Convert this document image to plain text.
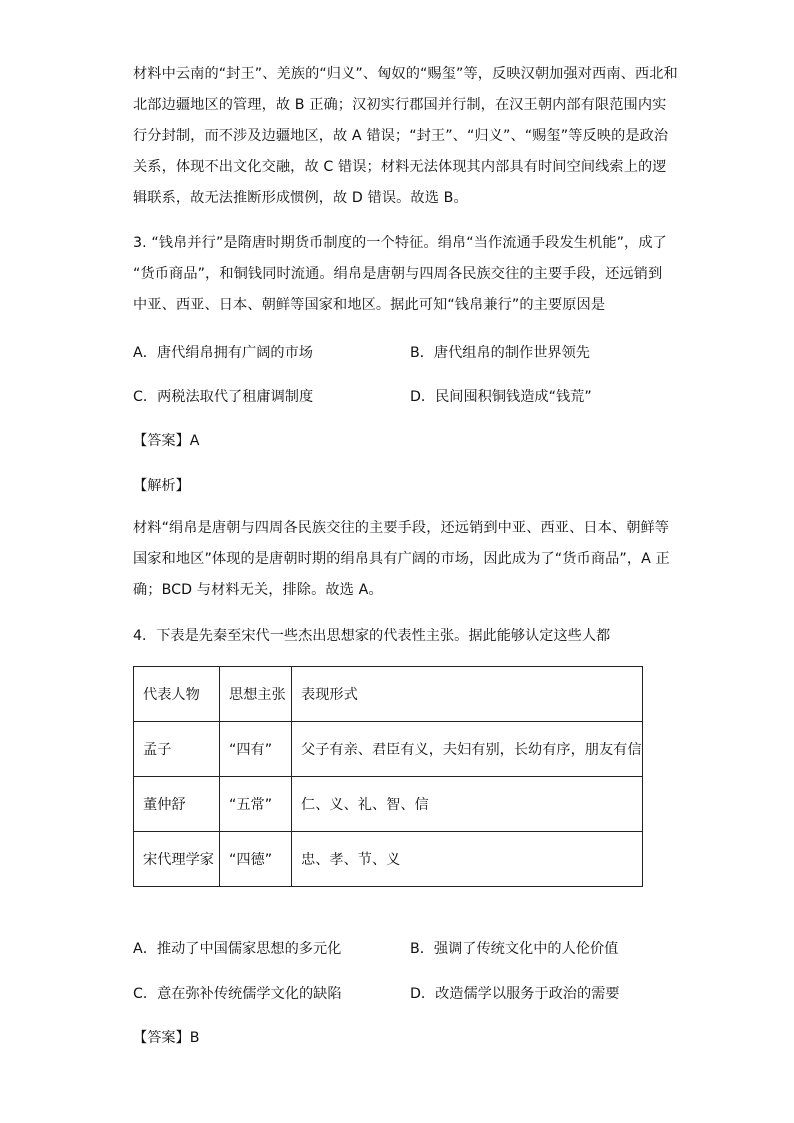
材料中云南的“封王”、羌族的“归义”、匈奴的“赐玺”等，反映汉朝加强对西南、西北和
北部边疆地区的管理，故 B 正确；汉初实行郡国并行制，在汉王朝内部有限范围内实
行分封制，而不涉及边疆地区，故 A 错误；“封王”、“归义”、“赐玺”等反映的是政治
关系，体现不出文化交融，故 C 错误；材料无法体现其内部具有时间空间线索上的逻
辑联系，故无法推断形成惯例，故 D 错误。故选 B。

3. “钱帛并行”是隋唐时期货币制度的一个特征。绢帛“当作流通手段发生机能”，成了
“货币商品”，和铜钱同时流通。绢帛是唐朝与四周各民族交往的主要手段，还远销到
中亚、西亚、日本、朝鲜等国家和地区。据此可知“钱帛兼行”的主要原因是

A．唐代绢帛拥有广阔的市场	B．唐代组帛的制作世界领先
C．两税法取代了租庸调制度	D．民间囤积铜钱造成“钱荒”
【答案】A
【解析】

材料“绢帛是唐朝与四周各民族交往的主要手段，还远销到中亚、西亚、日本、朝鲜等
国家和地区”体现的是唐朝时期的绢帛具有广阔的市场，因此成为了“货币商品”，A 正
确；BCD 与材料无关，排除。故选 A。

4．下表是先秦至宋代一些杰出思想家的代表性主张。据此能够认定这些人都
代表人物	思想主张	表现形式
孟子	“四有”	父子有亲、君臣有义，夫妇有别，长幼有序，朋友有信
董仲舒	“五常”	仁、义、礼、智、信
宋代理学家	“四德”	忠、孝、节、义
A．推动了中国儒家思想的多元化	B．强调了传统文化中的人伦价值
C．意在弥补传统儒学文化的缺陷	D．改造儒学以服务于政治的需要
【答案】B
